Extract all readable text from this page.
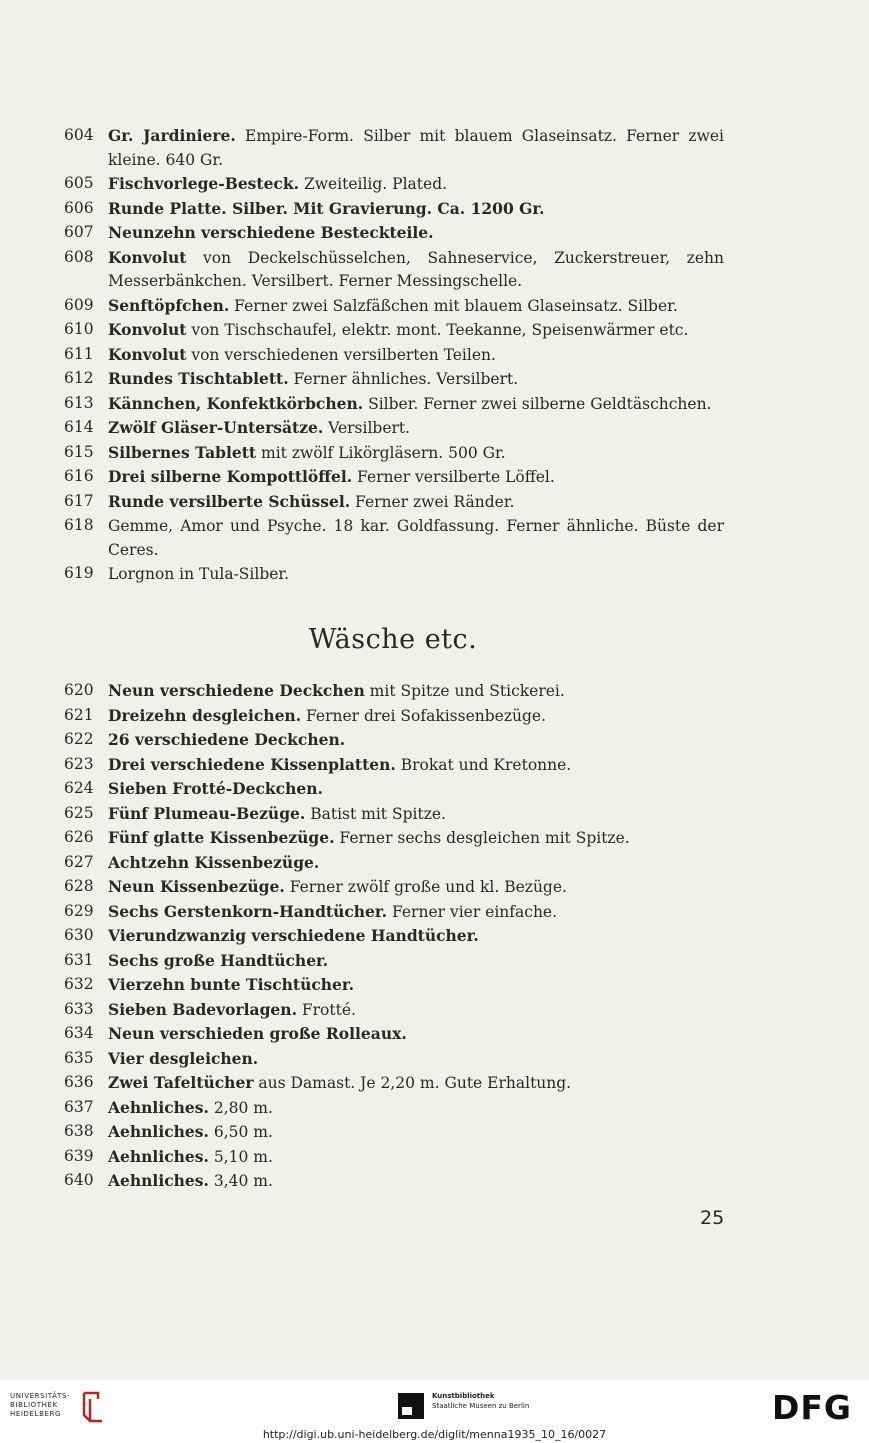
604 Gr. Jardiniere. Empire-Form. Silber mit blauem Glaseinsatz. Ferner zwei kleine. 640 Gr.
605 Fischvorlege-Besteck. Zweiteilig. Plated.
606 Runde Platte. Silber. Mit Gravierung. Ca. 1200 Gr.
607 Neunzehn verschiedene Besteckteile.
608 Konvolut von Deckelschüsselchen, Sahneservice, Zuckerstreuer, zehn Messerbänkchen. Versilbert. Ferner Messingschelle.
609 Senftöpfchen. Ferner zwei Salzfäßchen mit blauem Glaseinsatz. Silber.
610 Konvolut von Tischschaufel, elektr. mont. Teekanne, Speisenwärmer etc.
611 Konvolut von verschiedenen versilberten Teilen.
612 Rundes Tischtablett. Ferner ähnliches. Versilbert.
613 Kännchen, Konfektkörbchen. Silber. Ferner zwei silberne Geldtäschchen.
614 Zwölf Gläser-Untersätze. Versilbert.
615 Silbernes Tablett mit zwölf Likörgläsern. 500 Gr.
616 Drei silberne Kompottlöffel. Ferner versilberte Löffel.
617 Runde versilberte Schüssel. Ferner zwei Ränder.
618 Gemme, Amor und Psyche. 18 kar. Goldfassung. Ferner ähnliche. Büste der Ceres.
619 Lorgnon in Tula-Silber.
Wäsche etc.
620 Neun verschiedene Deckchen mit Spitze und Stickerei.
621 Dreizehn desgleichen. Ferner drei Sofakissenbezüge.
622 26 verschiedene Deckchen.
623 Drei verschiedene Kissenplatten. Brokat und Kretonne.
624 Sieben Frotté-Deckchen.
625 Fünf Plumeau-Bezüge. Batist mit Spitze.
626 Fünf glatte Kissenbezüge. Ferner sechs desgleichen mit Spitze.
627 Achtzehn Kissenbezüge.
628 Neun Kissenbezüge. Ferner zwölf große und kl. Bezüge.
629 Sechs Gerstenkorn-Handtücher. Ferner vier einfache.
630 Vierundzwanzig verschiedene Handtücher.
631 Sechs große Handtücher.
632 Vierzehn bunte Tischtücher.
633 Sieben Badevorlagen. Frotté.
634 Neun verschieden große Rolleaux.
635 Vier desgleichen.
636 Zwei Tafeltücher aus Damast. Je 2,20 m. Gute Erhaltung.
637 Aehnliches. 2,80 m.
638 Aehnliches. 6,50 m.
639 Aehnliches. 5,10 m.
640 Aehnliches. 3,40 m.
25
UNIVERSITÄTS-
BIBLIOTHEK
HEIDELBERG
Kunstbibliothek
Staatliche Museen zu Berlin	DFG
http://digi.ub.uni-heidelberg.de/diglit/menna1935_10_16/0027
